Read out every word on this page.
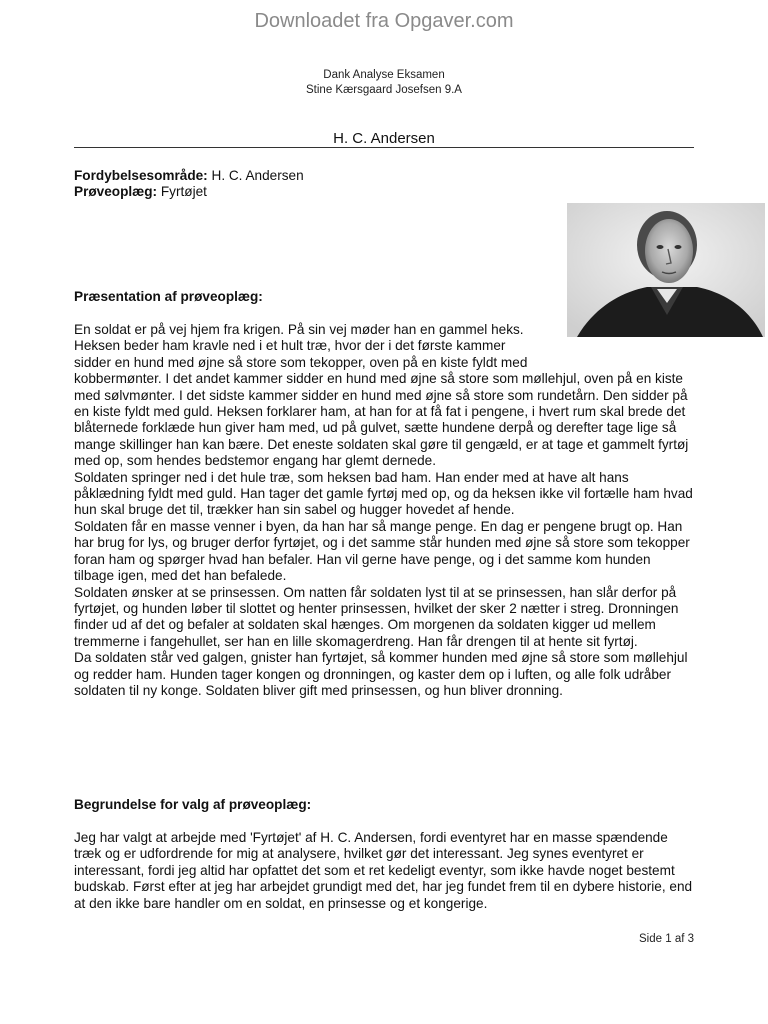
Downloadet fra Opgaver.com
Dank Analyse Eksamen
Stine Kærsgaard Josefsen 9.A
H. C. Andersen

Fordybelsesområde: H. C. Andersen

Prøveoplæg: Fyrtøjet

Præsentation af prøveoplæg:

En soldat er på vej hjem fra krigen. På sin vej møder han en gammel heks. Heksen beder ham kravle ned i et hult træ, hvor der i det første kammer sidder en hund med øjne så store som tekopper, oven på en kiste fyldt med kobbermønter. I det andet kammer sidder en hund med øjne så store som møllehjul, oven på en kiste med sølvmønter. I det sidste kammer sidder en hund med øjne så store som rundetårn. Den sidder på en kiste fyldt med guld. Heksen forklarer ham, at han for at få fat i pengene, i hvert rum skal brede det blåternede forklæde hun giver ham med, ud på gulvet, sætte hundene derpå og derefter tage lige så mange skillinger han kan bære. Det eneste soldaten skal gøre til gengæld, er at tage et gammelt fyrtøj med op, som hendes bedstemor engang har glemt dernede.

Soldaten springer ned i det hule træ, som heksen bad ham. Han ender med at have alt hans påklædning fyldt med guld. Han tager det gamle fyrtøj med op, og da heksen ikke vil fortælle ham hvad hun skal bruge det til, trækker han sin sabel og hugger hovedet af hende.

Soldaten får en masse venner i byen, da han har så mange penge. En dag er pengene brugt op. Han har brug for lys, og bruger derfor fyrtøjet, og i det samme står hunden med øjne så store som tekopper foran ham og spørger hvad han befaler. Han vil gerne have penge, og i det samme kom hunden tilbage igen, med det han befalede.

Soldaten ønsker at se prinsessen. Om natten får soldaten lyst til at se prinsessen, han slår derfor på fyrtøjet, og hunden løber til slottet og henter prinsessen, hvilket der sker 2 nætter i streg. Dronningen finder ud af det og befaler at soldaten skal hænges. Om morgenen da soldaten kigger ud mellem tremmerne i fangehullet, ser han en lille skomagerdreng. Han får drengen til at hente sit fyrtøj.

Da soldaten står ved galgen, gnister han fyrtøjet, så kommer hunden med øjne så store som møllehjul og redder ham. Hunden tager kongen og dronningen, og kaster dem op i luften, og alle folk udråber soldaten til ny konge. Soldaten bliver gift med prinsessen, og hun bliver dronning.

Begrundelse for valg af prøveoplæg:

Jeg har valgt at arbejde med 'Fyrtøjet' af H. C. Andersen, fordi eventyret har en masse spændende træk og er udfordrende for mig at analysere, hvilket gør det interessant. Jeg synes eventyret er interessant, fordi jeg altid har opfattet det som et ret kedeligt eventyr, som ikke havde noget bestemt budskab. Først efter at jeg har arbejdet grundigt med det, har jeg fundet frem til en dybere historie, end at den ikke bare handler om en soldat, en prinsesse og et kongerige.

Side 1 af 3
